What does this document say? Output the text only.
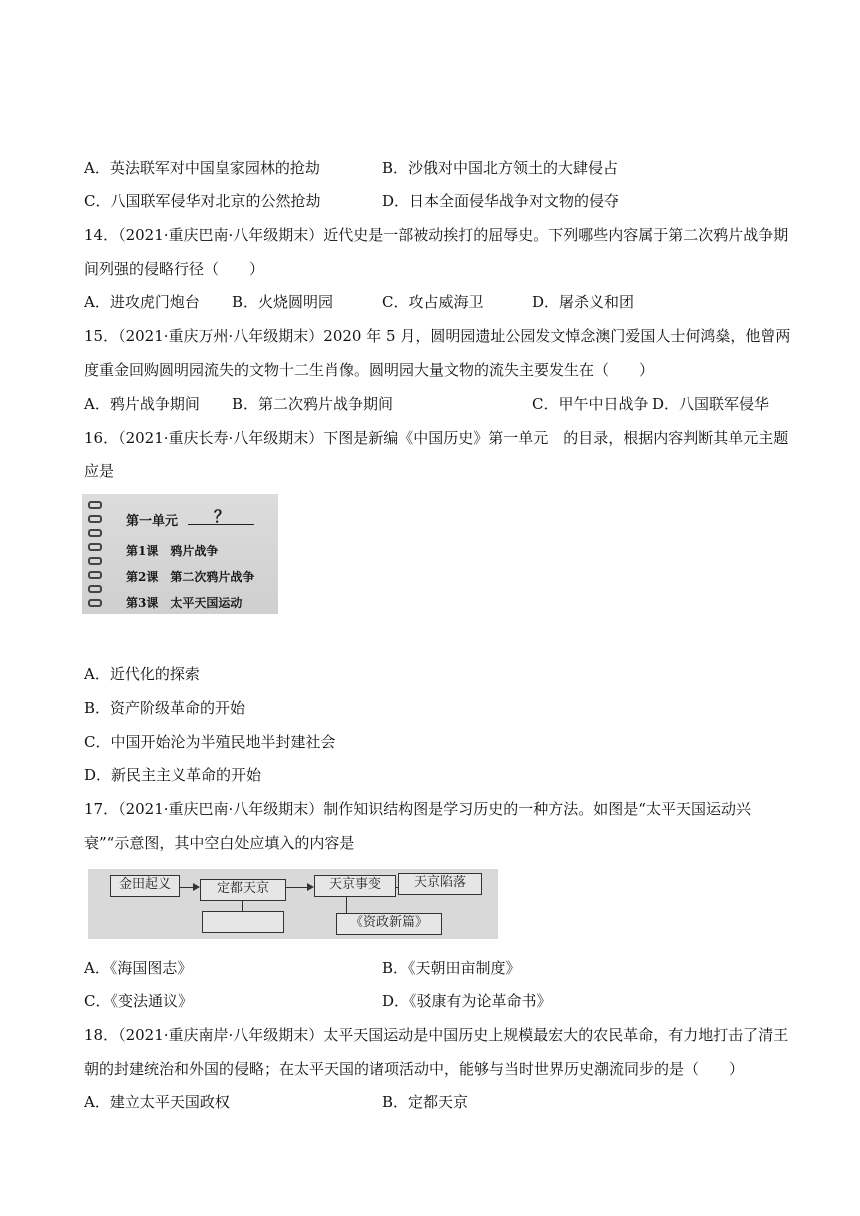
A．英法联军对中国皇家园林的抢劫	B．沙俄对中国北方领土的大肆侵占
C．八国联军侵华对北京的公然抢劫	D．日本全面侵华战争对文物的侵夺
14．（2021·重庆巴南·八年级期末）近代史是一部被动挨打的屈辱史。下列哪些内容属于第二次鸦片战争期
间列强的侵略行径（　　）
A．进攻虎门炮台 B．火烧圆明园	C．攻占威海卫	D．屠杀义和团
15．（2021·重庆万州·八年级期末）2020 年 5 月，圆明园遗址公园发文悼念澳门爱国人士何鸿燊，他曾两
度重金回购圆明园流失的文物十二生肖像。圆明园大量文物的流失主要发生在（　　）
A．鸦片战争期间 B．第二次鸦片战争期间	C．甲午中日战争 D．八国联军侵华
16．（2021·重庆长寿·八年级期末）下图是新编《中国历史》第一单元　的目录，根据内容判断其单元主题
应是
第一单元 ？
第1课　鸦片战争
第2课　第二次鸦片战争
第3课　太平天国运动
A．近代化的探索
B．资产阶级革命的开始
C．中国开始沦为半殖民地半封建社会
D．新民主主义革命的开始
17．（2021·重庆巴南·八年级期末）制作知识结构图是学习历史的一种方法。如图是“太平天国运动兴
衰”“示意图，其中空白处应填入的内容是
金田起义	定都天京	天京事变	天京陷落
《资政新篇》
A．《海国图志》	B．《天朝田亩制度》
C．《变法通议》	D．《驳康有为论革命书》
18．（2021·重庆南岸·八年级期末）太平天国运动是中国历史上规模最宏大的农民革命，有力地打击了清王
朝的封建统治和外国的侵略；在太平天国的诸项活动中，能够与当时世界历史潮流同步的是（　　）
A．建立太平天国政权	B．定都天京
